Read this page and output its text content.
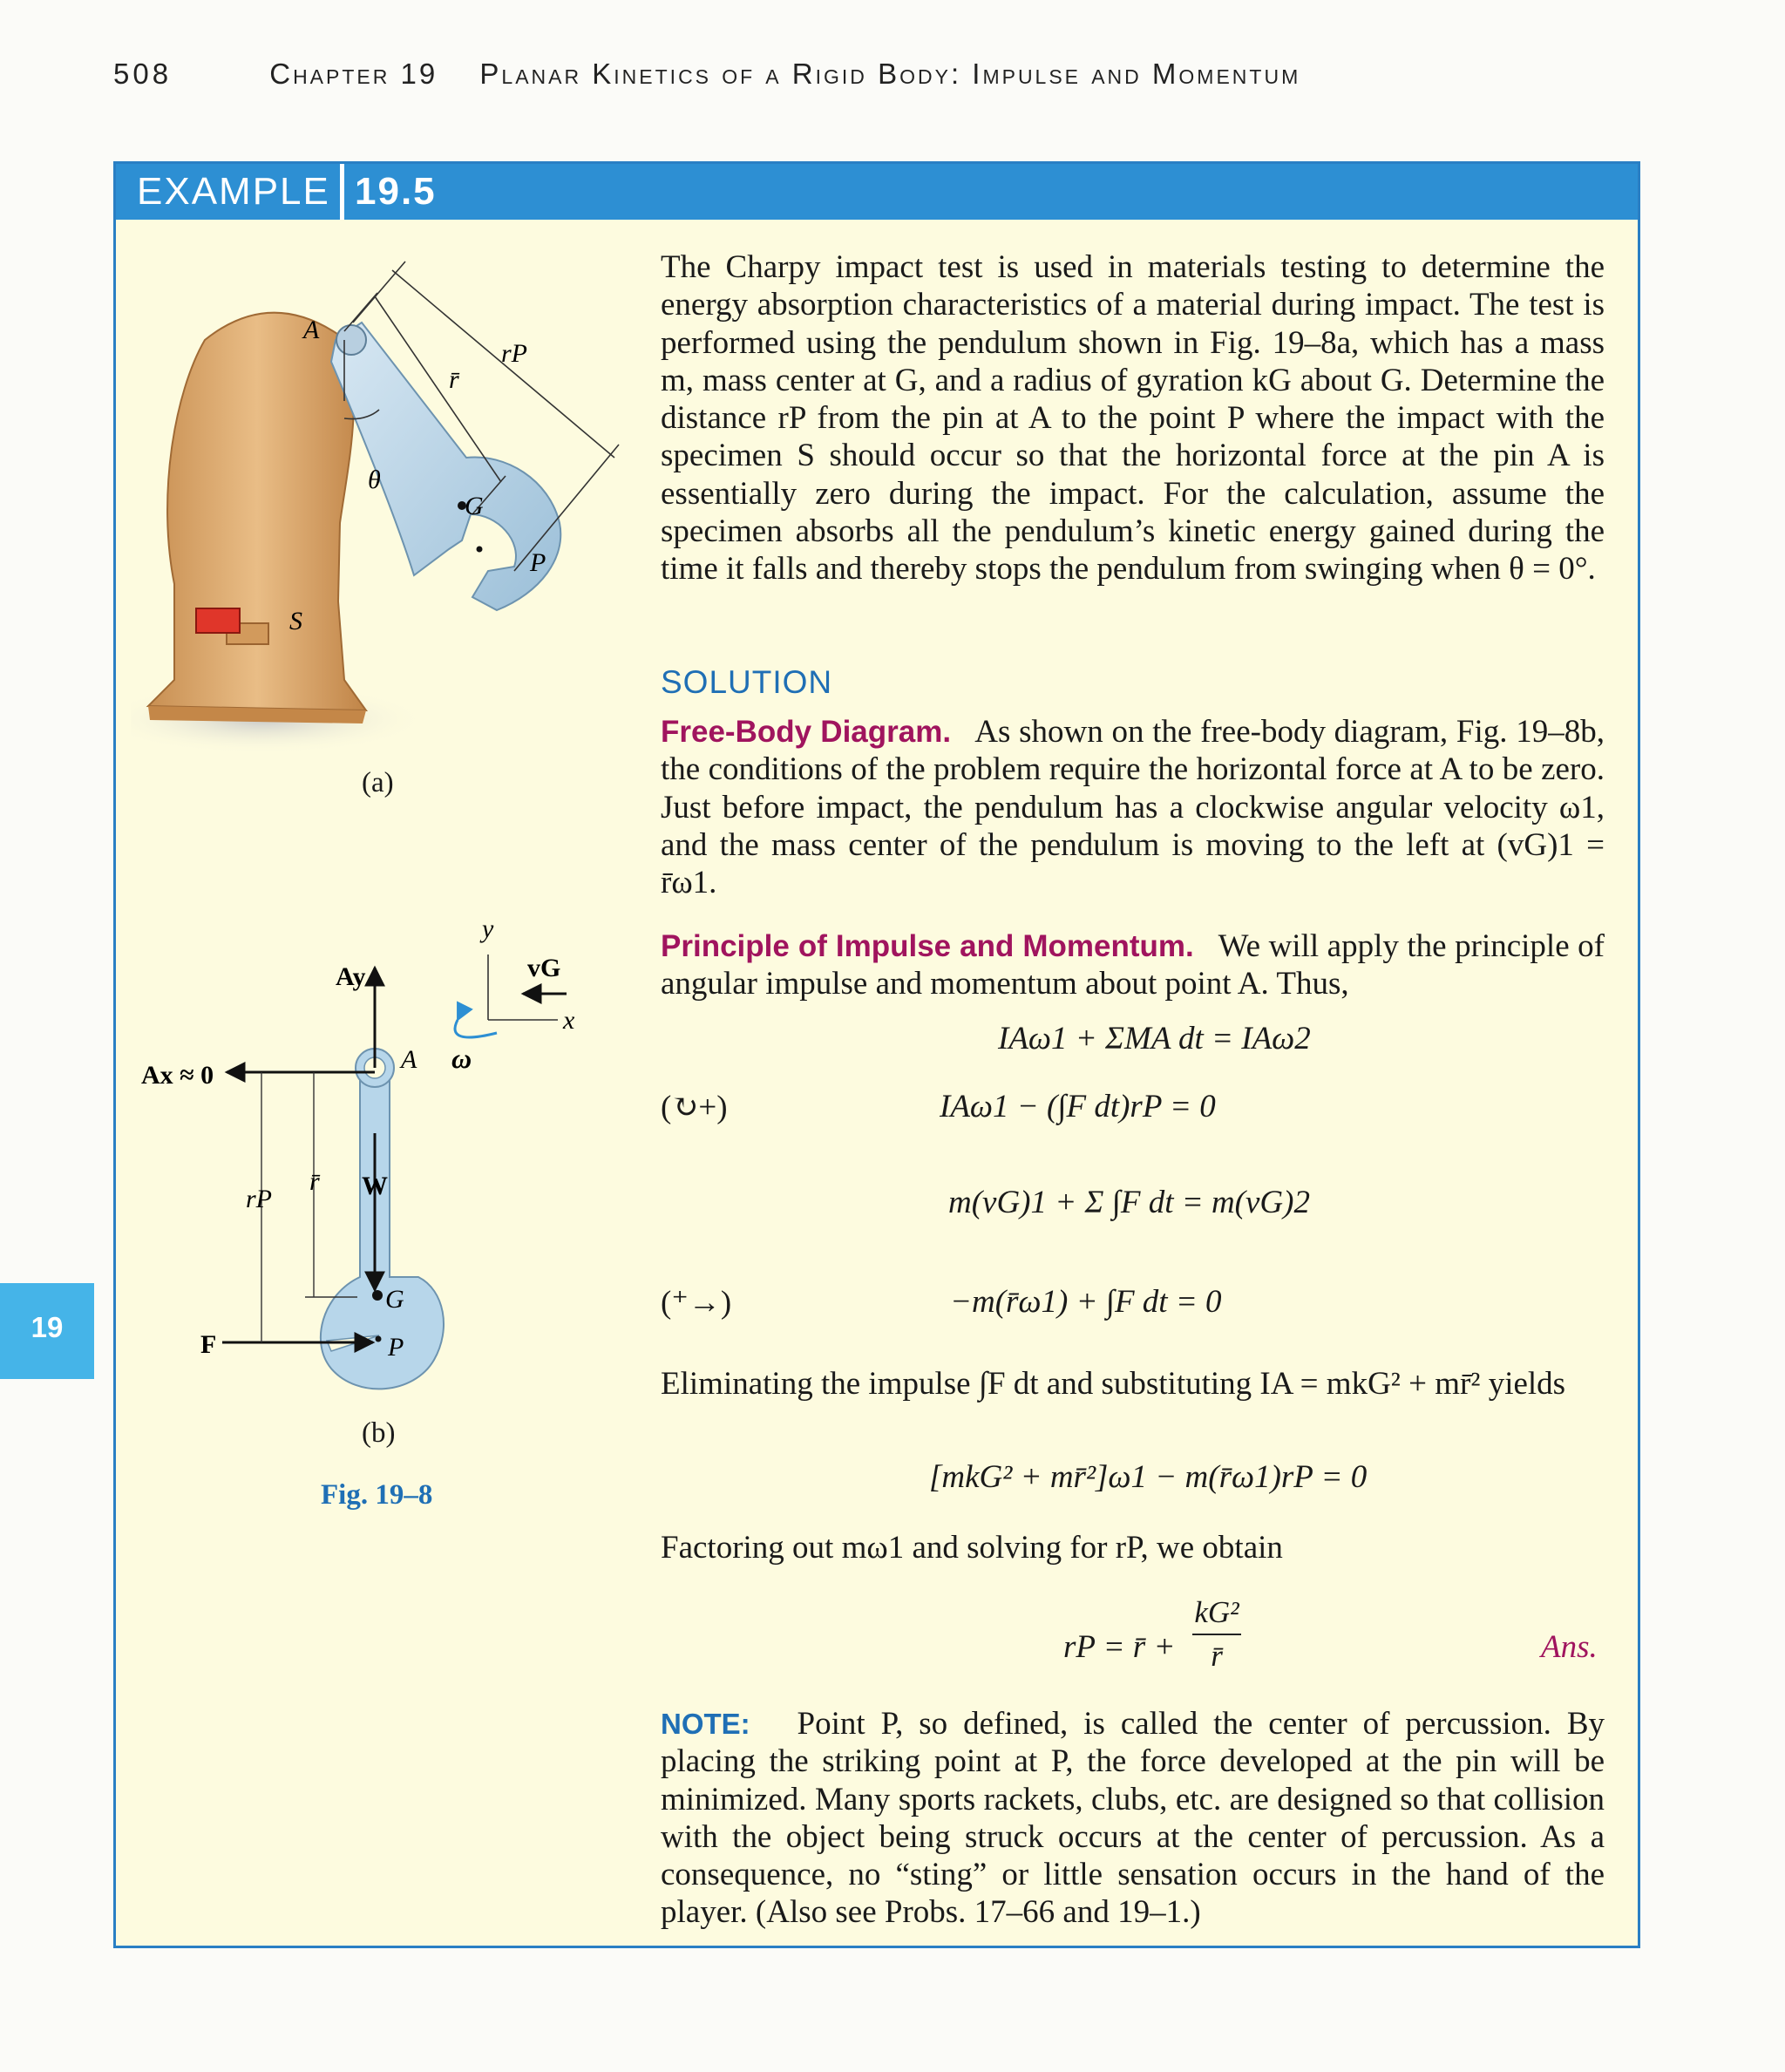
508	Chapter 19 Planar Kinetics of a Rigid Body: Impulse and Momentum
EXAMPLE 19.5
The Charpy impact test is used in materials testing to determine the energy absorption characteristics of a material during impact. The test is performed using the pendulum shown in Fig. 19–8a, which has a mass m, mass center at G, and a radius of gyration kG about G. Determine the distance rP from the pin at A to the point P where the impact with the specimen S should occur so that the horizontal force at the pin A is essentially zero during the impact. For the calculation, assume the specimen absorbs all the pendulum’s kinetic energy gained during the time it falls and thereby stops the pendulum from swinging when θ = 0°.
SOLUTION
Free-Body Diagram. As shown on the free-body diagram, Fig. 19–8b, the conditions of the problem require the horizontal force at A to be zero. Just before impact, the pendulum has a clockwise angular velocity ω1, and the mass center of the pendulum is moving to the left at (vG)1 = r̄ω1.
Principle of Impulse and Momentum. We will apply the principle of angular impulse and momentum about point A. Thus,
IAω1 + ΣMA dt = IAω2
(↻+)	IAω1 − (∫F dt)rP = 0
m(vG)1 + Σ ∫F dt = m(vG)2
(⁺→)	−m(r̄ω1) + ∫F dt = 0
Eliminating the impulse ∫F dt and substituting IA = mkG² + mr̄² yields
[mkG² + mr̄²]ω1 − m(r̄ω1)rP = 0
Factoring out mω1 and solving for rP, we obtain
rP = r̄ +
kG²
r̄	Ans.
NOTE: Point P, so defined, is called the center of percussion. By placing the striking point at P, the force developed at the pin will be minimized. Many sports rackets, clubs, etc. are designed so that collision with the object being struck occurs at the center of percussion. As a consequence, no “sting” or little sensation occurs in the hand of the player. (Also see Probs. 17–66 and 19–1.)
19
A
θ
r̄
rP
G
P
S
(a)
Ay
Ax ≈ 0
A
W
G
P
F
rP
r̄
vG
ω
x
y
(b)
Fig. 19–8
